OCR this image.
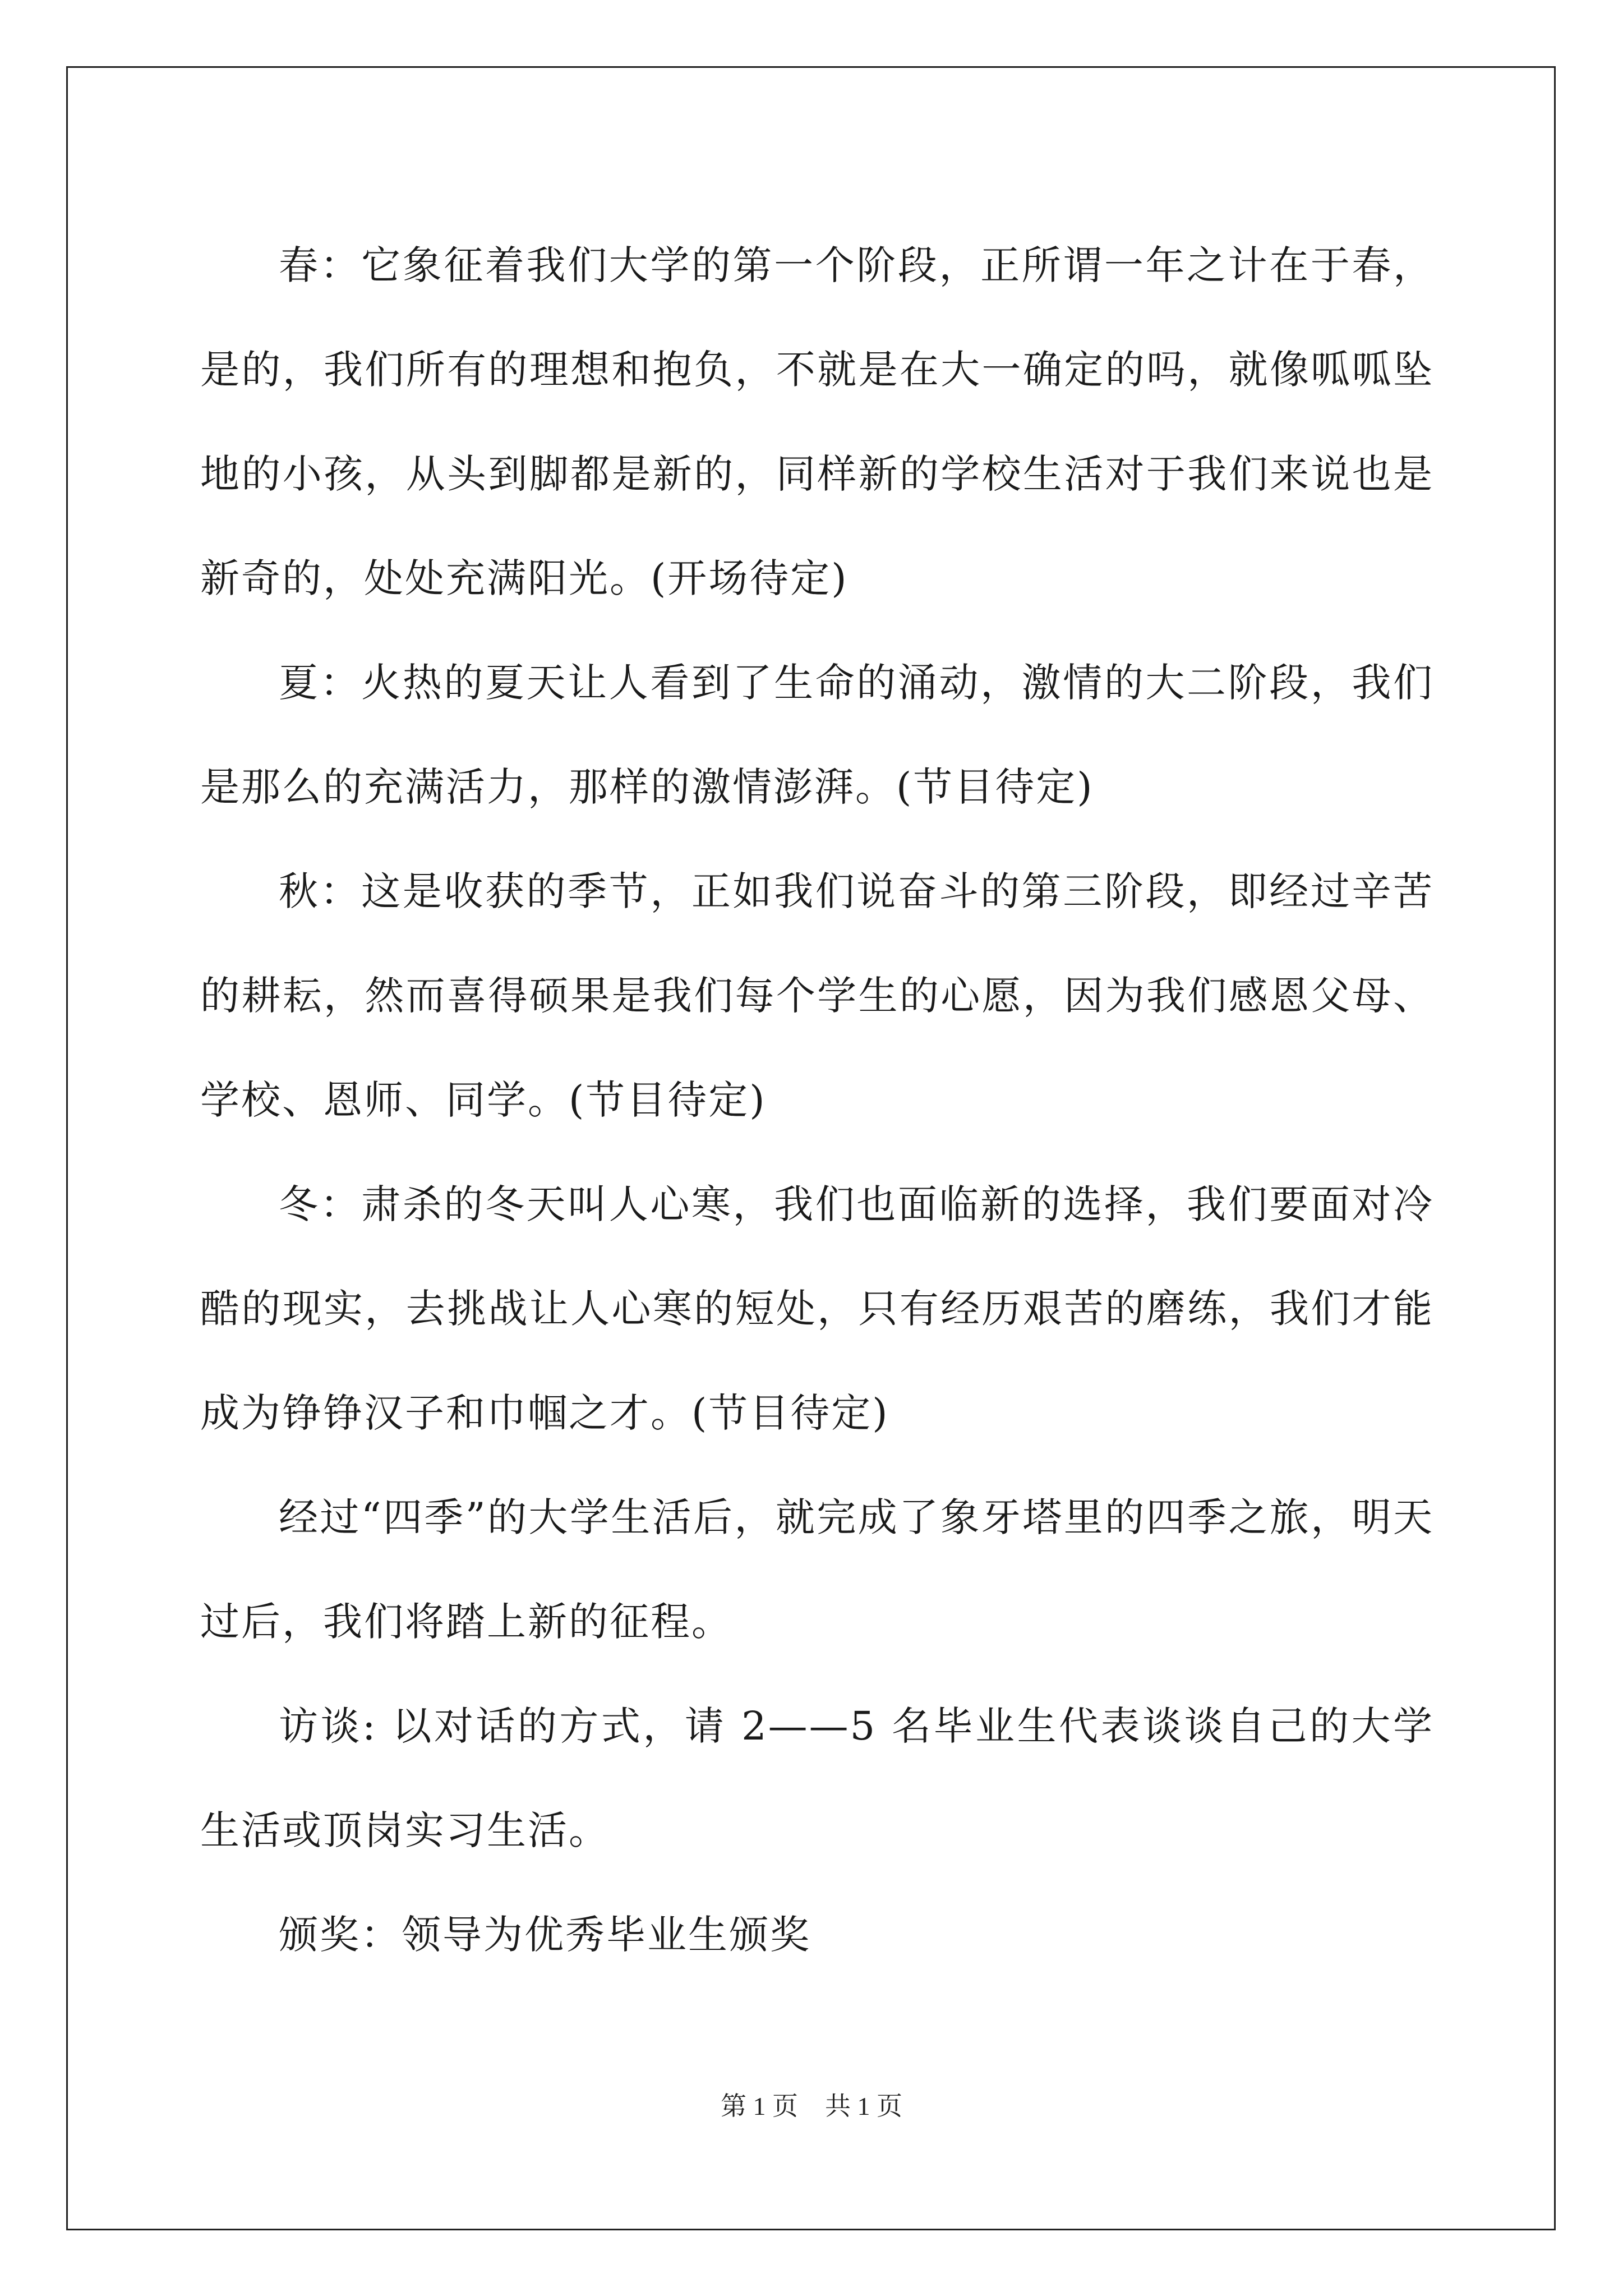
春：它象征着我们大学的第一个阶段，正所谓一年之计在于春，是的，我们所有的理想和抱负，不就是在大一确定的吗，就像呱呱坠地的小孩，从头到脚都是新的，同样新的学校生活对于我们来说也是新奇的，处处充满阳光。(开场待定)

夏：火热的夏天让人看到了生命的涌动，激情的大二阶段，我们是那么的充满活力，那样的激情澎湃。(节目待定)

秋：这是收获的季节，正如我们说奋斗的第三阶段，即经过辛苦的耕耘，然而喜得硕果是我们每个学生的心愿，因为我们感恩父母、学校、恩师、同学。(节目待定)

冬：肃杀的冬天叫人心寒，我们也面临新的选择，我们要面对冷酷的现实，去挑战让人心寒的短处，只有经历艰苦的磨练，我们才能成为铮铮汉子和巾帼之才。(节目待定)

经过“四季”的大学生活后，就完成了象牙塔里的四季之旅，明天过后，我们将踏上新的征程。

访谈: 以对话的方式，请 2——5 名毕业生代表谈谈自己的大学生活或顶岗实习生活。

颁奖：领导为优秀毕业生颁奖

第 1 页 共 1 页
